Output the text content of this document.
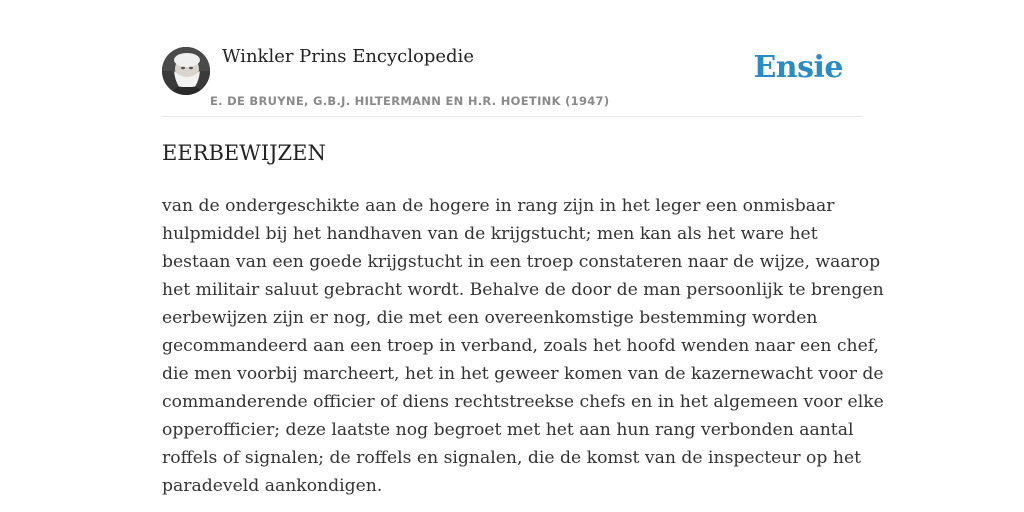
Winkler Prins Encyclopedie
E. DE BRUYNE, G.B.J. HILTERMANN EN H.R. HOETINK (1947)
Ensie
EERBEWIJZEN

van de ondergeschikte aan de hogere in rang zijn in het leger een onmisbaar
hulpmiddel bij het handhaven van de krijgstucht; men kan als het ware het
bestaan van een goede krijgstucht in een troep constateren naar de wijze, waarop
het militair saluut gebracht wordt. Behalve de door de man persoonlijk te brengen
eerbewijzen zijn er nog, die met een overeenkomstige bestemming worden
gecommandeerd aan een troep in verband, zoals het hoofd wenden naar een chef,
die men voorbij marcheert, het in het geweer komen van de kazernewacht voor de
commanderende officier of diens rechtstreekse chefs en in het algemeen voor elke
opperofficier; deze laatste nog begroet met het aan hun rang verbonden aantal
roffels of signalen; de roffels en signalen, die de komst van de inspecteur op het
paradeveld aankondigen.
